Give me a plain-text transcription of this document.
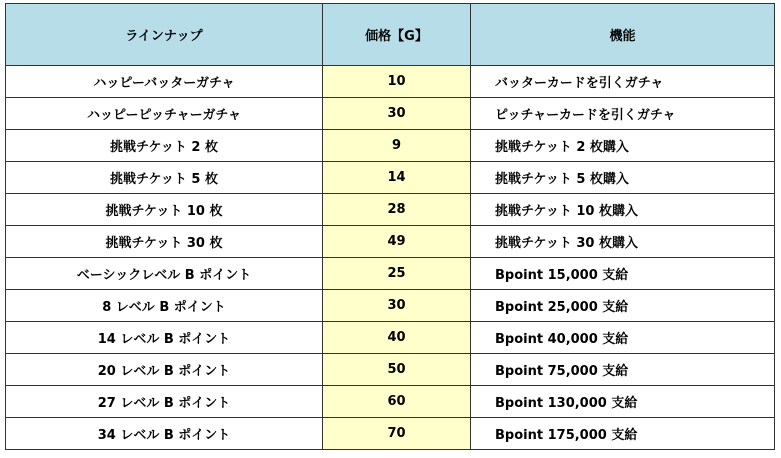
ラインナップ	価格【G】	機能
ハッピーバッターガチャ	10	バッターカードを引くガチャ
ハッピーピッチャーガチャ	30	ピッチャーカードを引くガチャ
挑戦チケット 2 枚	9	挑戦チケット 2 枚購入
挑戦チケット 5 枚	14	挑戦チケット 5 枚購入
挑戦チケット 10 枚	28	挑戦チケット 10 枚購入
挑戦チケット 30 枚	49	挑戦チケット 30 枚購入
ベーシックレベル B ポイント	25	Bpoint 15,000 支給
8 レベル B ポイント	30	Bpoint 25,000 支給
14 レベル B ポイント	40	Bpoint 40,000 支給
20 レベル B ポイント	50	Bpoint 75,000 支給
27 レベル B ポイント	60	Bpoint 130,000 支給
34 レベル B ポイント	70	Bpoint 175,000 支給
